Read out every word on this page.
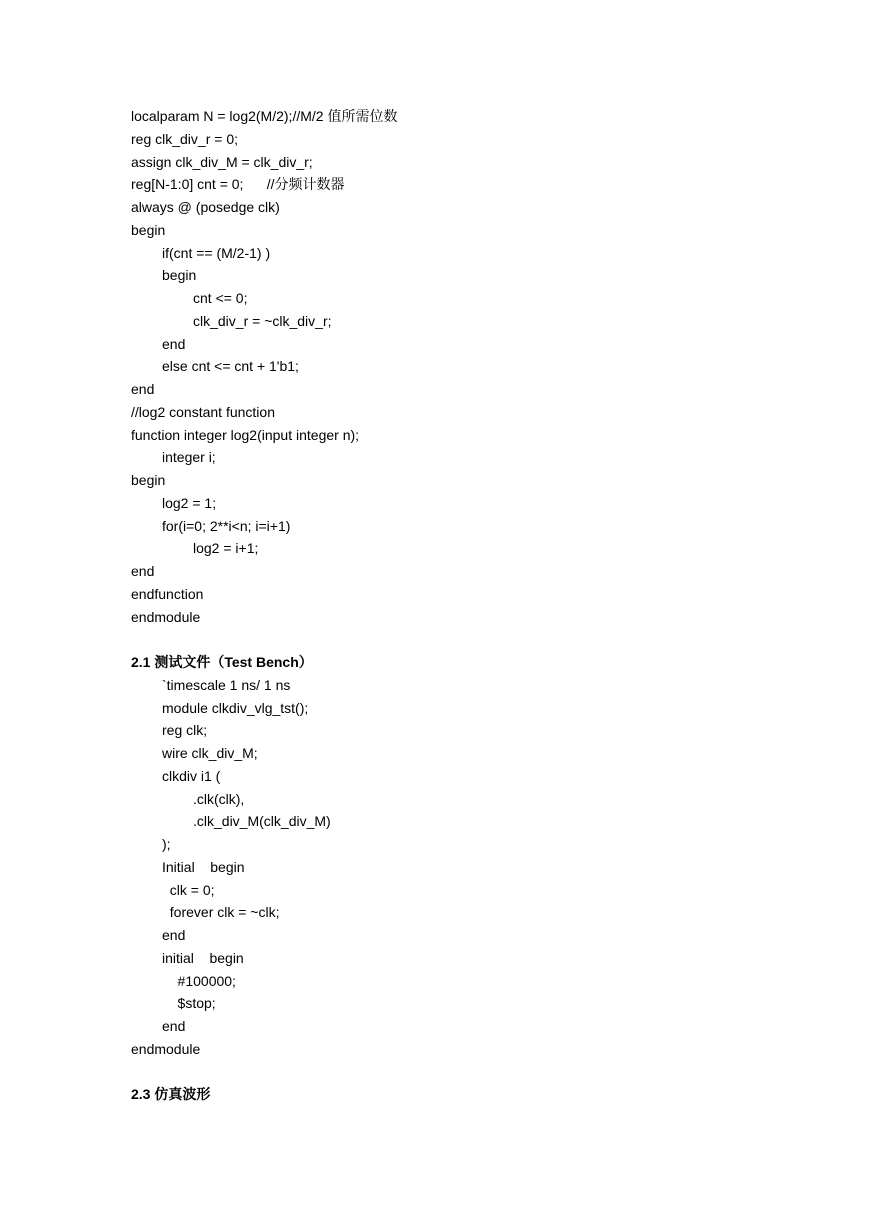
localparam N = log2(M/2);//M/2 值所需位数
reg clk_div_r = 0;
assign clk_div_M = clk_div_r;
reg[N-1:0] cnt = 0;      //分频计数器
always @ (posedge clk)
begin
if(cnt == (M/2-1) )
begin
cnt <= 0;
clk_div_r = ~clk_div_r;
end
else cnt <= cnt + 1'b1;
end
//log2 constant function
function integer log2(input integer n);
integer i;
begin
log2 = 1;
for(i=0; 2**i<n; i=i+1)
log2 = i+1;
end
endfunction
endmodule
2.1 测试文件（Test Bench）
`timescale 1 ns/ 1 ns
module clkdiv_vlg_tst();
reg clk;
wire clk_div_M;
clkdiv i1 (
.clk(clk),
.clk_div_M(clk_div_M)
);
Initial    begin
clk = 0;
forever clk = ~clk;
end
initial    begin
#100000;
$stop;
end
endmodule
2.3 仿真波形
